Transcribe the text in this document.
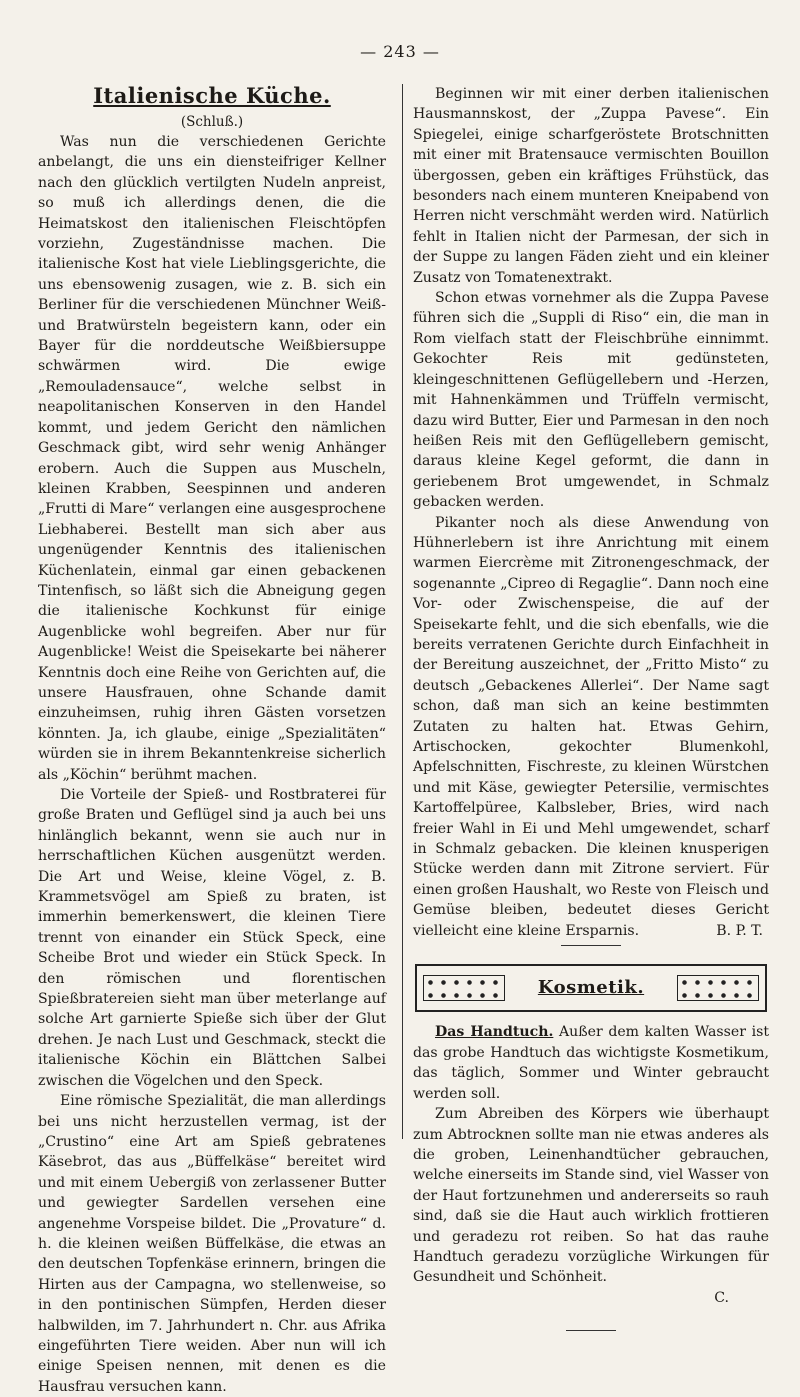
— 243 —
Italienische Küche.
(Schluß.)

Was nun die verschiedenen Gerichte anbelangt, die uns ein diensteifriger Kellner nach den glücklich vertilgten Nudeln anpreist, so muß ich allerdings denen, die die Heimatskost den italienischen Fleischtöpfen vorziehn, Zugeständnisse machen. Die italienische Kost hat viele Lieblingsgerichte, die uns ebensowenig zusagen, wie z. B. sich ein Berliner für die verschiedenen Münchner Weiß- und Bratwürsteln begeistern kann, oder ein Bayer für die norddeutsche Weißbiersuppe schwärmen wird. Die ewige „Remouladensauce“, welche selbst in neapolitanischen Konserven in den Handel kommt, und jedem Gericht den nämlichen Geschmack gibt, wird sehr wenig Anhänger erobern. Auch die Suppen aus Muscheln, kleinen Krabben, Seespinnen und anderen „Frutti di Mare“ verlangen eine ausgesprochene Liebhaberei. Bestellt man sich aber aus ungenügender Kenntnis des italienischen Küchenlatein, einmal gar einen gebackenen Tintenfisch, so läßt sich die Abneigung gegen die italienische Kochkunst für einige Augenblicke wohl begreifen. Aber nur für Augenblicke! Weist die Speisekarte bei näherer Kenntnis doch eine Reihe von Gerichten auf, die unsere Hausfrauen, ohne Schande damit einzuheimsen, ruhig ihren Gästen vorsetzen könnten. Ja, ich glaube, einige „Spezialitäten“ würden sie in ihrem Bekanntenkreise sicherlich als „Köchin“ berühmt machen.

Die Vorteile der Spieß- und Rostbraterei für große Braten und Geflügel sind ja auch bei uns hinlänglich bekannt, wenn sie auch nur in herrschaftlichen Küchen ausgenützt werden. Die Art und Weise, kleine Vögel, z. B. Krammetsvögel am Spieß zu braten, ist immerhin bemerkenswert, die kleinen Tiere trennt von einander ein Stück Speck, eine Scheibe Brot und wieder ein Stück Speck. In den römischen und florentischen Spießbratereien sieht man über meterlange auf solche Art garnierte Spieße sich über der Glut drehen. Je nach Lust und Geschmack, steckt die italienische Köchin ein Blättchen Salbei zwischen die Vögelchen und den Speck.

Eine römische Spezialität, die man allerdings bei uns nicht herzustellen vermag, ist der „Crustino“ eine Art am Spieß gebratenes Käsebrot, das aus „Büffelkäse“ bereitet wird und mit einem Uebergiß von zerlassener Butter und gewiegter Sardellen versehen eine angenehme Vorspeise bildet. Die „Provature“ d. h. die kleinen weißen Büffelkäse, die etwas an den deutschen Topfenkäse erinnern, bringen die Hirten aus der Campagna, wo stellenweise, so in den pontinischen Sümpfen, Herden dieser halbwilden, im 7. Jahrhundert n. Chr. aus Afrika eingeführten Tiere weiden. Aber nun will ich einige Speisen nennen, mit denen es die Hausfrau versuchen kann.

Beginnen wir mit einer derben italienischen Hausmannskost, der „Zuppa Pavese“. Ein Spiegelei, einige scharfgeröstete Brotschnitten mit einer mit Bratensauce vermischten Bouillon übergossen, geben ein kräftiges Frühstück, das besonders nach einem munteren Kneipabend von Herren nicht verschmäht werden wird. Natürlich fehlt in Italien nicht der Parmesan, der sich in der Suppe zu langen Fäden zieht und ein kleiner Zusatz von Tomatenextrakt.

Schon etwas vornehmer als die Zuppa Pavese führen sich die „Suppli di Riso“ ein, die man in Rom vielfach statt der Fleischbrühe einnimmt. Gekochter Reis mit gedünsteten, kleingeschnittenen Geflügellebern und -Herzen, mit Hahnenkämmen und Trüffeln vermischt, dazu wird Butter, Eier und Parmesan in den noch heißen Reis mit den Geflügellebern gemischt, daraus kleine Kegel geformt, die dann in geriebenem Brot umgewendet, in Schmalz gebacken werden.

Pikanter noch als diese Anwendung von Hühnerlebern ist ihre Anrichtung mit einem warmen Eiercrème mit Zitronengeschmack, der sogenannte „Cipreo di Regaglie“. Dann noch eine Vor- oder Zwischenspeise, die auf der Speisekarte fehlt, und die sich ebenfalls, wie die bereits verratenen Gerichte durch Einfachheit in der Bereitung auszeichnet, der „Fritto Misto“ zu deutsch „Gebackenes Allerlei“. Der Name sagt schon, daß man sich an keine bestimmten Zutaten zu halten hat. Etwas Gehirn, Artischocken, gekochter Blumenkohl, Apfelschnitten, Fischreste, zu kleinen Würstchen und mit Käse, gewiegter Petersilie, vermischtes Kartoffelpüree, Kalbsleber, Bries, wird nach freier Wahl in Ei und Mehl umgewendet, scharf in Schmalz gebacken. Die kleinen knusperigen Stücke werden dann mit Zitrone serviert. Für einen großen Haushalt, wo Reste von Fleisch und Gemüse bleiben, bedeutet dieses Gericht vielleicht eine kleine Ersparnis.	B. P. T.

Kosmetik.

Das Handtuch. Außer dem kalten Wasser ist das grobe Handtuch das wichtigste Kosmetikum, das täglich, Sommer und Winter gebraucht werden soll.

Zum Abreiben des Körpers wie überhaupt zum Abtrocknen sollte man nie etwas anderes als die groben, Leinenhandtücher gebrauchen, welche einerseits im Stande sind, viel Wasser von der Haut fortzunehmen und andererseits so rauh sind, daß sie die Haut auch wirklich frottieren und geradezu rot reiben. So hat das rauhe Handtuch geradezu vorzügliche Wirkungen für Gesundheit und Schönheit.

C.
